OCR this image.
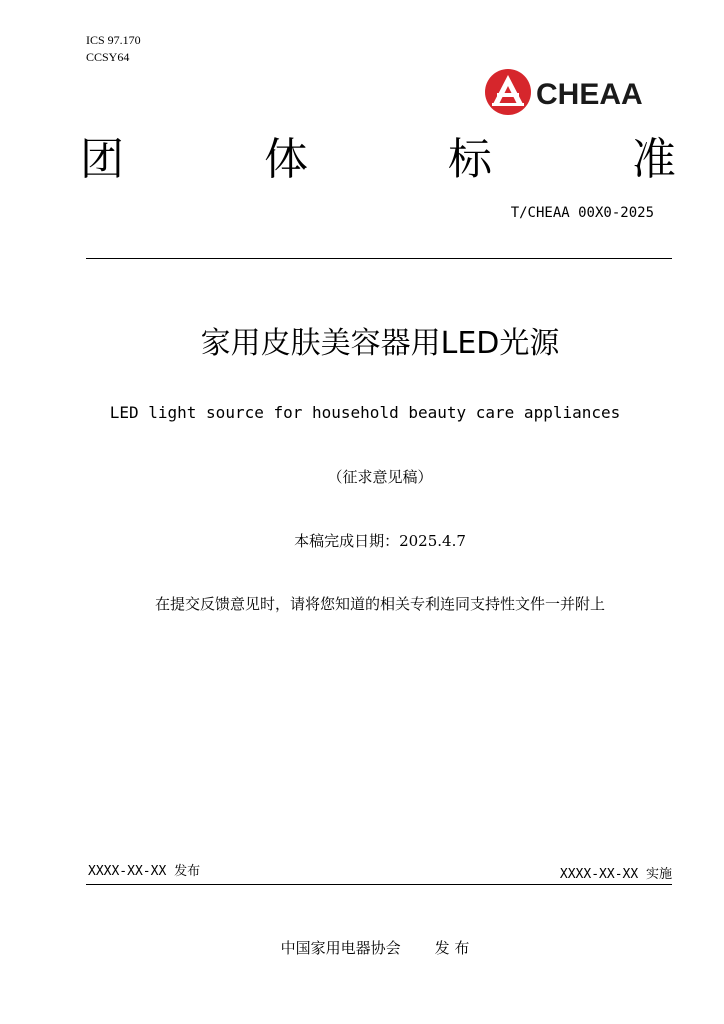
ICS 97.170
CCSY64
CHEAA
团	体	标	准
T/CHEAA 00X0-2025
家用皮肤美容器用LED光源
LED light source for household beauty care appliances
（征求意见稿）
本稿完成日期：2025.4.7
在提交反馈意见时，请将您知道的相关专利连同支持性文件一并附上
XXXX-XX-XX 发布	XXXX-XX-XX 实施
中国家用电器协会 发 布
